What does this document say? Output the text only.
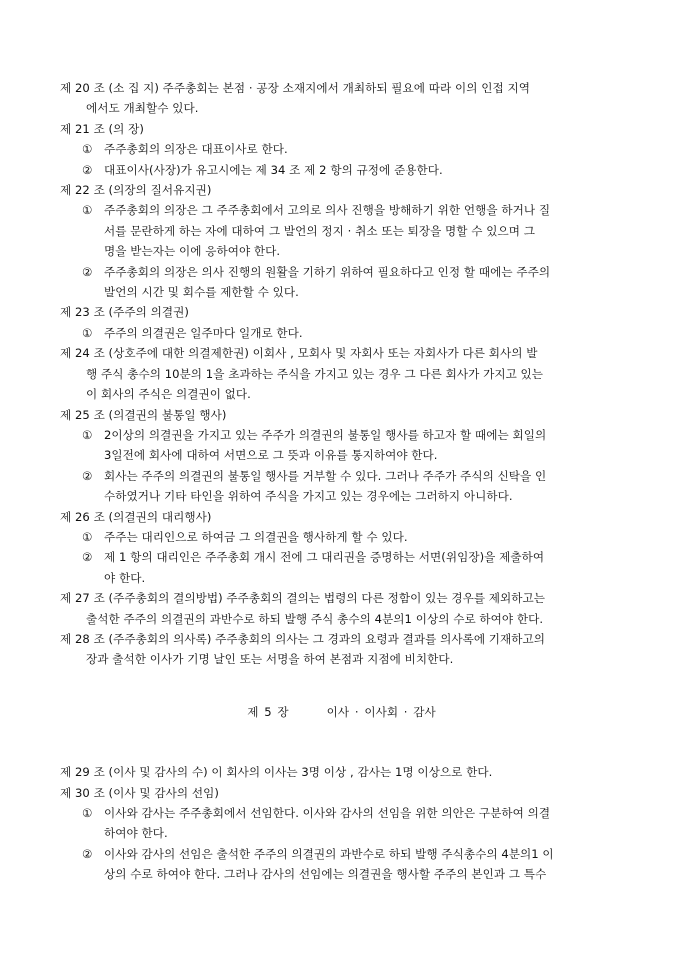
제 20 조 (소 집 지) 주주총회는 본점 · 공장 소재지에서 개최하되 필요에 따라 이의 인접 지역
에서도 개최할수 있다.
제 21 조 (의 장)
① 주주총회의 의장은 대표이사로 한다.
② 대표이사(사장)가 유고시에는 제 34 조 제 2 항의 규정에 준용한다.
제 22 조 (의장의 질서유지권)
① 주주총회의 의장은 그 주주총회에서 고의로 의사 진행을 방해하기 위한 언행을 하거나 질
서를 문란하게 하는 자에 대하여 그 발언의 정지 · 취소 또는 퇴장을 명할 수 있으며 그
명을 받는자는 이에 응하여야 한다.
② 주주총회의 의장은 의사 진행의 원활을 기하기 위하여 필요하다고 인정 할 때에는 주주의
발언의 시간 및 회수를 제한할 수 있다.
제 23 조 (주주의 의결권)
① 주주의 의결권은 일주마다 일개로 한다.
제 24 조 (상호주에 대한 의결제한권) 이회사 , 모회사 및 자회사 또는 자회사가 다른 회사의 발
행 주식 총수의 10분의 1을 초과하는 주식을 가지고 있는 경우 그 다른 회사가 가지고 있는
이 회사의 주식은 의결권이 없다.
제 25 조 (의결권의 불통일 행사)
① 2이상의 의결권을 가지고 있는 주주가 의결권의 불통일 행사를 하고자 할 때에는 회일의
3일전에 회사에 대하여 서면으로 그 뜻과 이유를 통지하여야 한다.
② 회사는 주주의 의결권의 불통일 행사를 거부할 수 있다. 그러나 주주가 주식의 신탁을 인
수하였거나 기타 타인을 위하여 주식을 가지고 있는 경우에는 그러하지 아니하다.
제 26 조 (의결권의 대리행사)
① 주주는 대리인으로 하여금 그 의결권을 행사하게 할 수 있다.
② 제 1 항의 대리인은 주주총회 개시 전에 그 대리권을 증명하는 서면(위임장)을 제출하여
야 한다.
제 27 조 (주주총회의 결의방법) 주주총회의 결의는 법령의 다른 정함이 있는 경우를 제외하고는
출석한 주주의 의결권의 과반수로 하되 발행 주식 총수의 4분의1 이상의 수로 하여야 한다.
제 28 조 (주주총회의 의사록) 주주총회의 의사는 그 경과의 요령과 결과를 의사록에 기재하고의
장과 출석한 이사가 기명 날인 또는 서명을 하여 본점과 지점에 비치한다.
제 5 장	이사 · 이사회 · 감사
제 29 조 (이사 및 감사의 수) 이 회사의 이사는 3명 이상 , 감사는 1명 이상으로 한다.
제 30 조 (이사 및 감사의 선임)
① 이사와 감사는 주주총회에서 선임한다. 이사와 감사의 선임을 위한 의안은 구분하여 의결
하여야 한다.
② 이사와 감사의 선임은 출석한 주주의 의결권의 과반수로 하되 발행 주식총수의 4분의1 이
상의 수로 하여야 한다. 그러나 감사의 선임에는 의결권을 행사할 주주의 본인과 그 특수
